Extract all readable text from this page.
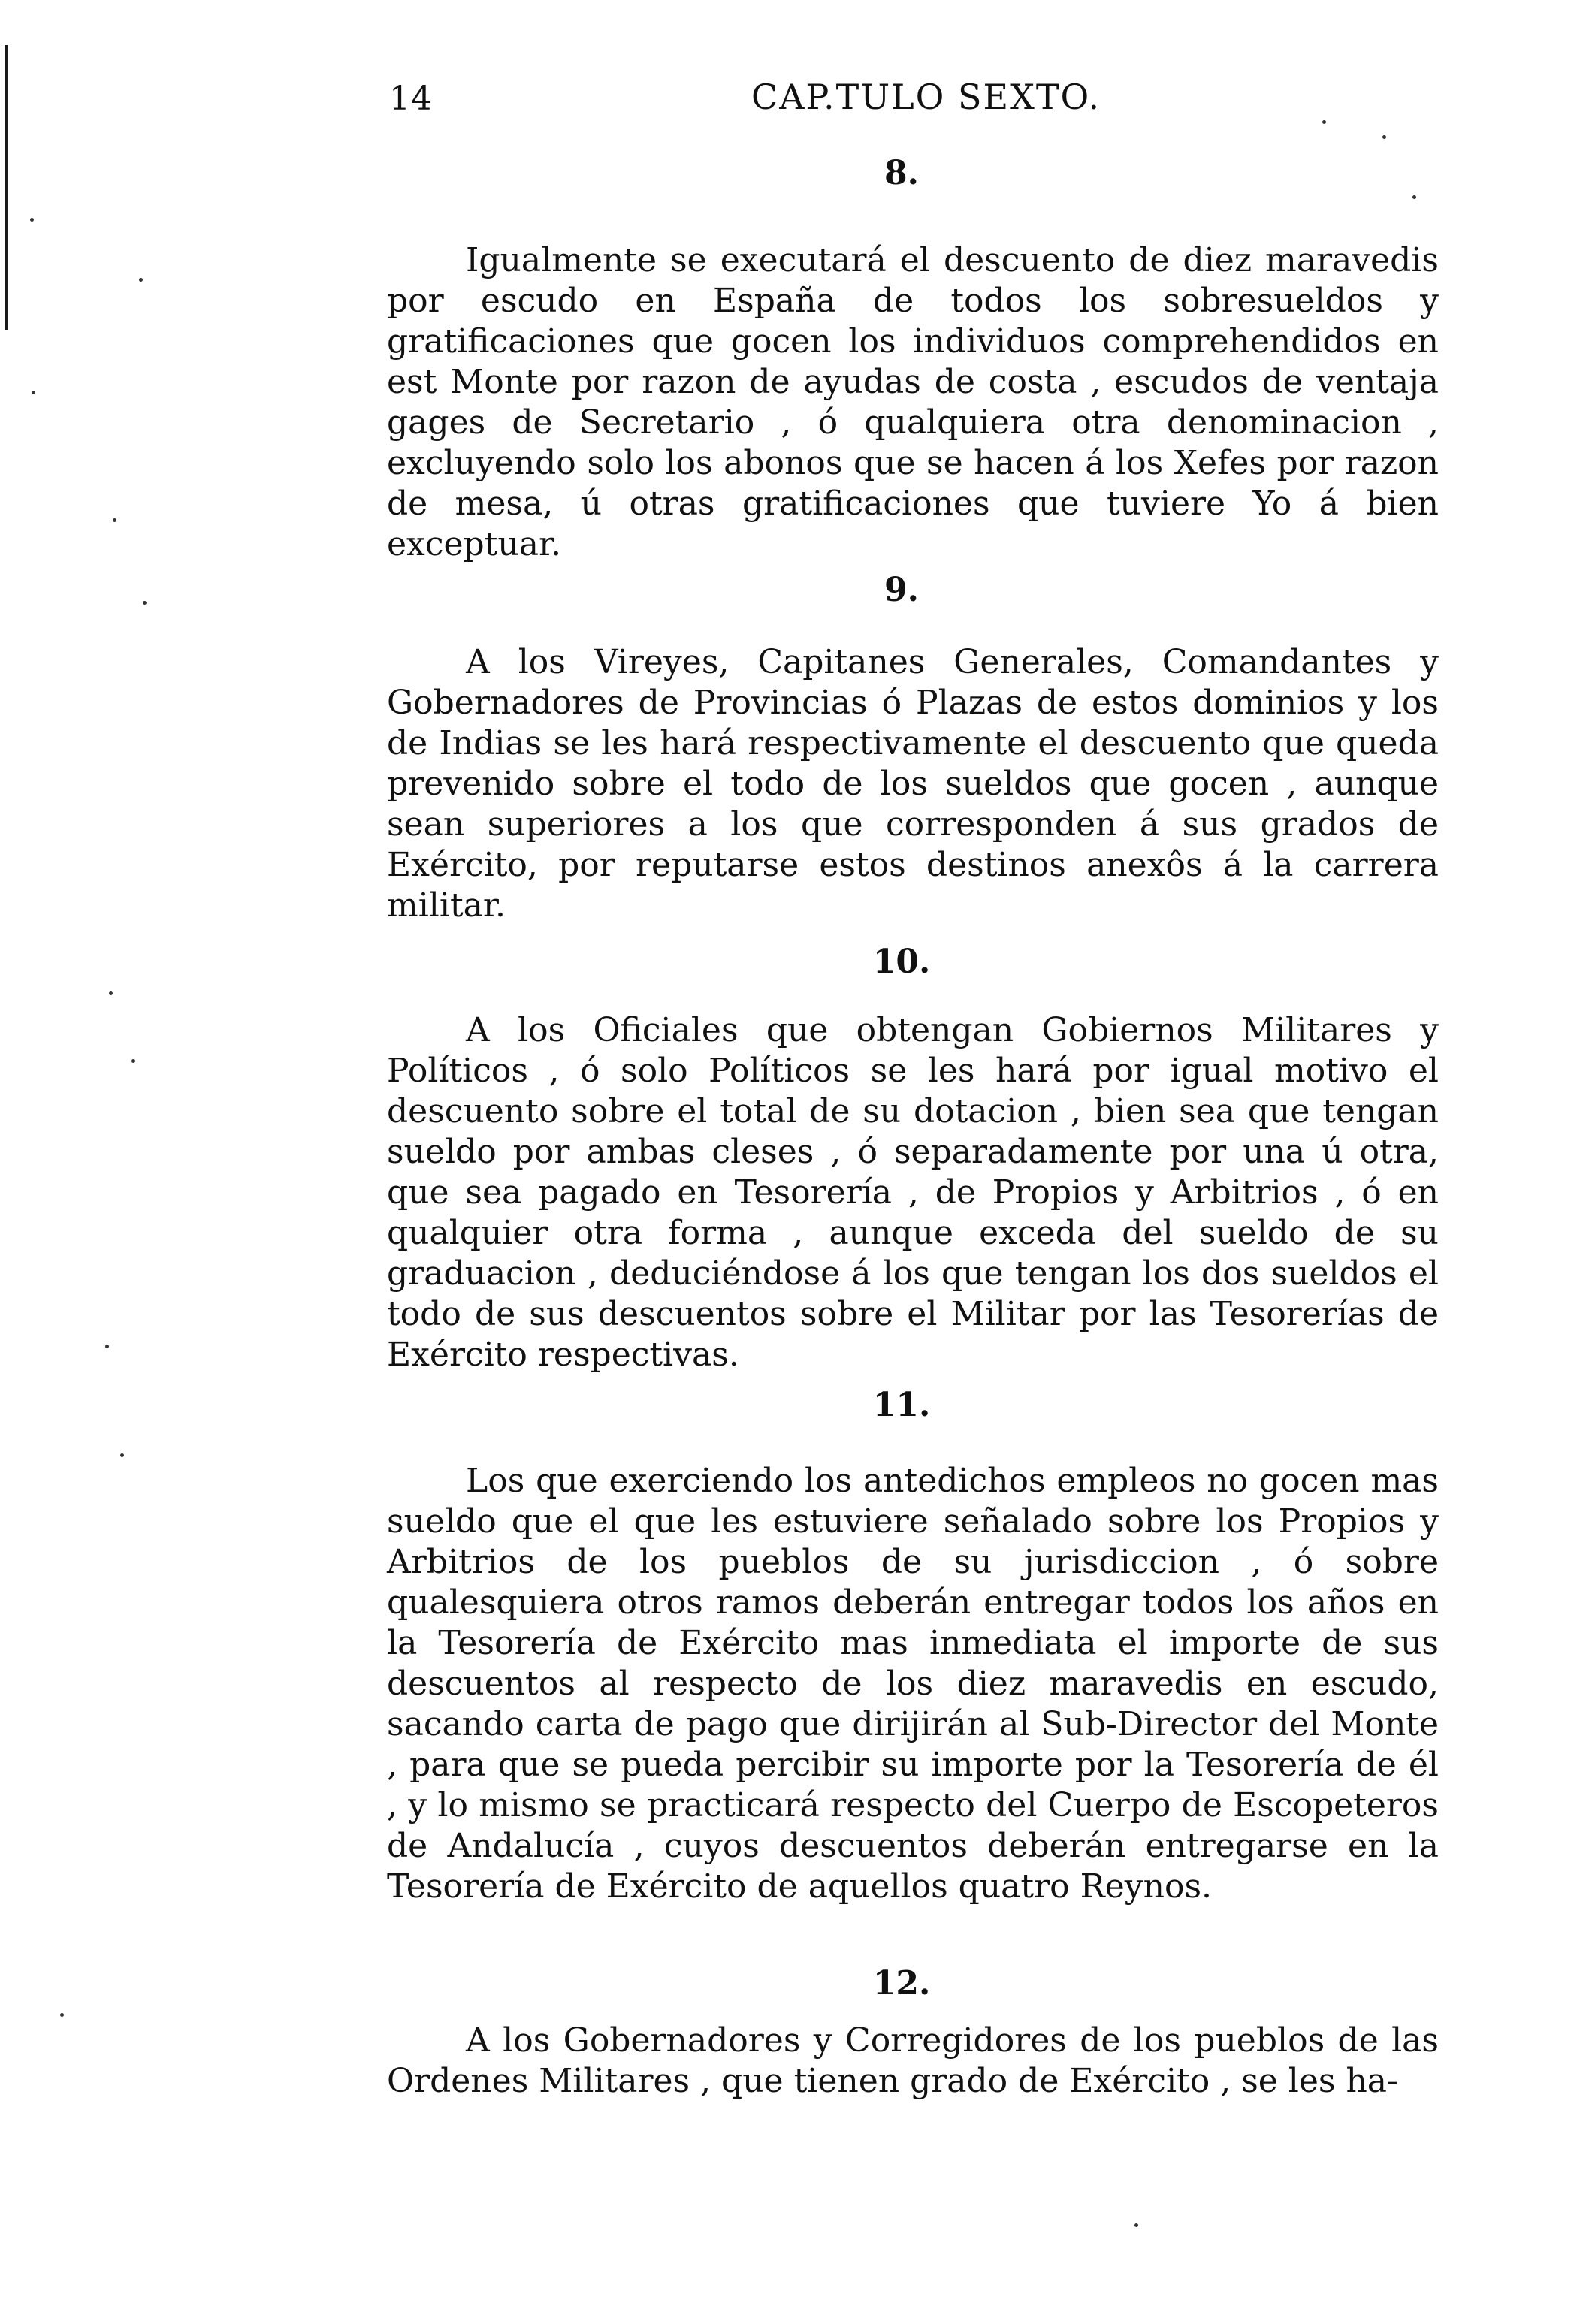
14	CAP.TULO SEXTO.
8.

Igualmente se executará el descuento de diez maravedis por escudo en España de todos los sobresueldos y gratificaciones que gocen los individuos comprehendidos en est Monte por razon de ayudas de costa , escudos de ventaja gages de Secretario , ó qualquiera otra denominacion , excluyendo solo los abonos que se hacen á los Xefes por razon de mesa, ú otras gratificaciones que tuviere Yo á bien exceptuar.

9.

A los Vireyes, Capitanes Generales, Comandantes y Gobernadores de Provincias ó Plazas de estos dominios y los de Indias se les hará respectivamente el descuento que queda prevenido sobre el todo de los sueldos que gocen , aunque sean superiores a los que corresponden á sus grados de Exército, por reputarse estos destinos anexôs á la carrera militar.

10.

A los Oficiales que obtengan Gobiernos Militares y Políticos , ó solo Políticos se les hará por igual motivo el descuento sobre el total de su dotacion , bien sea que tengan sueldo por ambas cleses , ó separadamente por una ú otra, que sea pagado en Tesorería , de Propios y Arbitrios , ó en qualquier otra forma , aunque exceda del sueldo de su graduacion , deduciéndose á los que tengan los dos sueldos el todo de sus descuentos sobre el Militar por las Tesorerías de Exército respectivas.

11.

Los que exerciendo los antedichos empleos no gocen mas sueldo que el que les estuviere señalado sobre los Propios y Arbitrios de los pueblos de su jurisdiccion , ó sobre qualesquiera otros ramos deberán entregar todos los años en la Tesorería de Exército mas inmediata el importe de sus descuentos al respecto de los diez maravedis en escudo, sacando carta de pago que dirijirán al Sub-Director del Monte , para que se pueda percibir su importe por la Tesorería de él , y lo mismo se practicará respecto del Cuerpo de Escopeteros de Andalucía , cuyos descuentos deberán entregarse en la Tesorería de Exército de aquellos quatro Reynos.

12.

A los Gobernadores y Corregidores de los pueblos de las Ordenes Militares , que tienen grado de Exército , se les ha-
